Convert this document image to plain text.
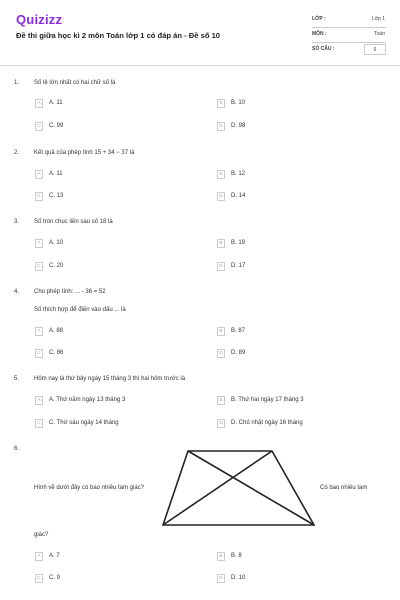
Quizizz
Đề thi giữa học kì 2 môn Toán lớp 1 có đáp án - Đề số 10
LỚP :	Lớp 1
MÔN :	Toán
SỐ CÂU :	6
1. Số lẻ lớn nhất có hai chữ số là
A	A. 11	B	B. 10
C	C. 99	D	D. 98
2. Kết quả của phép tính 15 + 34 − 37 là
A	A. 11	B	B. 12
C	C. 13	D	D. 14
3. Số tròn chục liền sau số 18 là
A	A. 10	B	B. 19
C	C. 20	D	D. 17
4. Cho phép tính: ... - 36 = 52
Số thích hợp để điền vào dấu ... là
A	A. 88	B	B. 87
C	C. 86	D	D. 89
5. Hôm nay là thứ bảy ngày 15 tháng 3 thì hai hôm trước là
A	A. Thứ năm ngày 13 tháng 3	B	B. Thứ hai ngày 17 tháng 3
C	C. Thứ sáu ngày 14 tháng	D	D. Chủ nhật ngày 16 tháng
6.
Hình vẽ dưới đây có bao nhiêu tam giác?	Có bao nhiêu tam
giác?
A	A. 7	B	B. 8
C	C. 9	D	D. 10
